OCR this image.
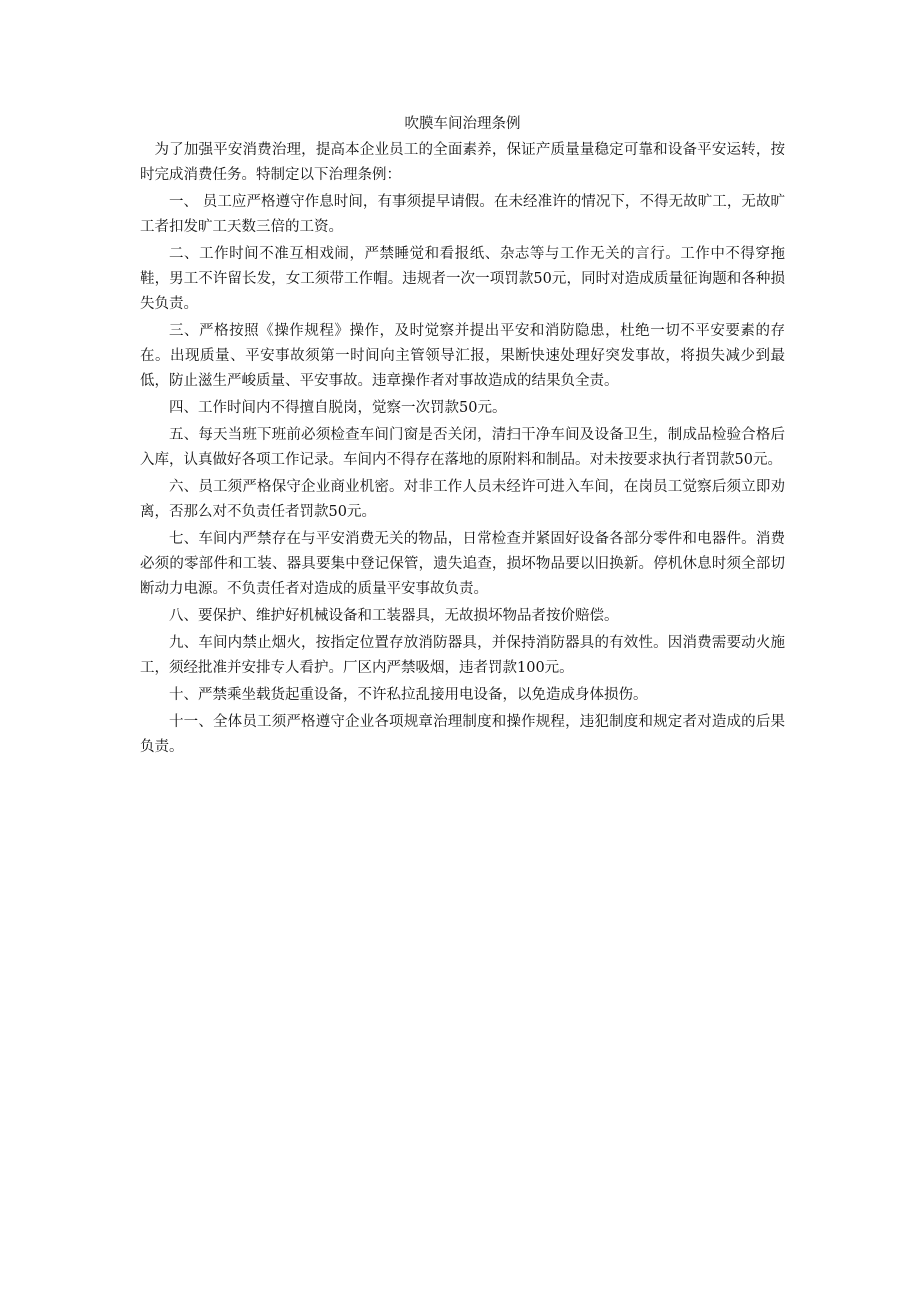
吹膜车间治理条例

为了加强平安消费治理，提高本企业员工的全面素养，保证产质量量稳定可靠和设备平安运转，按时完成消费任务。特制定以下治理条例：

一、 员工应严格遵守作息时间，有事须提早请假。在未经准许的情况下，不得无故旷工，无故旷工者扣发旷工天数三倍的工资。

二、工作时间不准互相戏闹，严禁睡觉和看报纸、杂志等与工作无关的言行。工作中不得穿拖鞋，男工不许留长发，女工须带工作帽。违规者一次一项罚款50元，同时对造成质量征询题和各种损失负责。

三、严格按照《操作规程》操作，及时觉察并提出平安和消防隐患，杜绝一切不平安要素的存在。出现质量、平安事故须第一时间向主管领导汇报，果断快速处理好突发事故，将损失减少到最低，防止滋生严峻质量、平安事故。违章操作者对事故造成的结果负全责。

四、工作时间内不得擅自脱岗，觉察一次罚款50元。

五、每天当班下班前必须检查车间门窗是否关闭，清扫干净车间及设备卫生，制成品检验合格后入库，认真做好各项工作记录。车间内不得存在落地的原附料和制品。对未按要求执行者罚款50元。

六、员工须严格保守企业商业机密。对非工作人员未经许可进入车间，在岗员工觉察后须立即劝离，否那么对不负责任者罚款50元。

七、车间内严禁存在与平安消费无关的物品，日常检查并紧固好设备各部分零件和电器件。消费必须的零部件和工装、器具要集中登记保管，遗失追查，损坏物品要以旧换新。停机休息时须全部切断动力电源。不负责任者对造成的质量平安事故负责。

八、要保护、维护好机械设备和工装器具，无故损坏物品者按价赔偿。

九、车间内禁止烟火，按指定位置存放消防器具，并保持消防器具的有效性。因消费需要动火施工，须经批准并安排专人看护。厂区内严禁吸烟，违者罚款100元。

十、严禁乘坐载货起重设备，不许私拉乱接用电设备，以免造成身体损伤。

十一、全体员工须严格遵守企业各项规章治理制度和操作规程，违犯制度和规定者对造成的后果负责。
